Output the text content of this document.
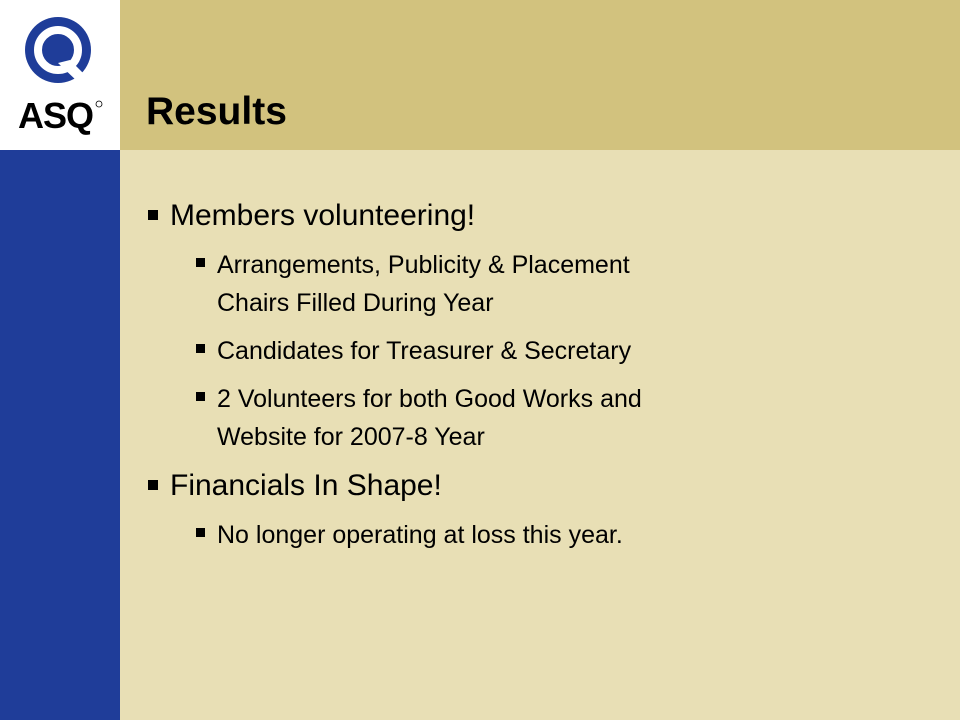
ASQ Results

Members volunteering!

Arrangements, Publicity & Placement
Chairs Filled During Year

Candidates for Treasurer & Secretary

2 Volunteers for both Good Works and
Website for 2007-8 Year

Financials In Shape!

No longer operating at loss this year.
